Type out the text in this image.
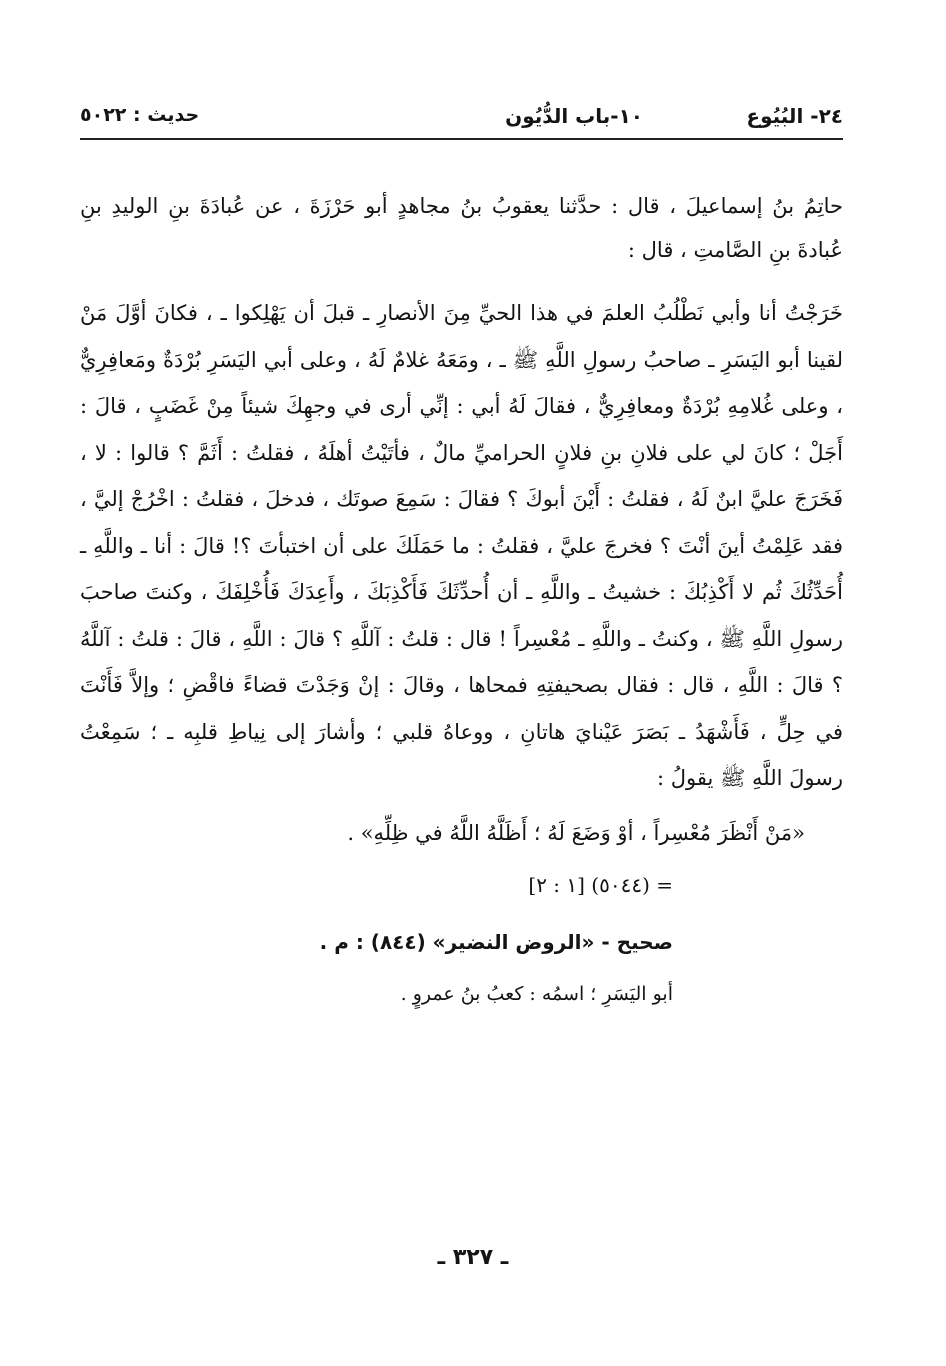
٢٤- البُيُوع
١٠-باب الدُّيُون
حديث : ٥٠٢٢

حاتِمُ بنُ إسماعيلَ ، قال : حدَّثنا يعقوبُ بنُ مجاهدٍ أبو حَرْزَةَ ، عن عُبادَةَ بنِ الوليدِ بنِ عُبادةَ بنِ الصَّامتِ ، قال :

خَرَجْتُ أنا وأبي نَطْلُبُ العلمَ في هذا الحيِّ مِنَ الأنصارِ ـ قبلَ أن يَهْلِكوا ـ ، فكانَ أوَّلَ مَنْ لقينا أبو اليَسَرِ ـ صاحبُ رسولِ اللَّهِ ﷺ ـ ، ومَعَهُ غلامٌ لَهُ ، وعلى أبي اليَسَرِ بُرْدَةٌ ومَعافِرِيٌّ ، وعلى غُلامِهِ بُرْدَةٌ ومعافِرِيٌّ ، فقالَ لَهُ أبي : إنِّي أرى في وجهِكَ شيئاً مِنْ غَضَبٍ ، قالَ : أَجَلْ ؛ كانَ لي على فلانِ بنِ فلانٍ الحراميِّ مالٌ ، فأتَيْتُ أهلَهُ ، فقلتُ : أَثَمَّ ؟ قالوا : لا ، فَخَرَجَ عليَّ ابنٌ لَهُ ، فقلتُ : أَيْنَ أبوكَ ؟ فقالَ : سَمِعَ صوتَك ، فدخلَ ، فقلتُ : اخْرُجْ إليَّ ، فقد عَلِمْتُ أينَ أنْتَ ؟ فخرجَ عليَّ ، فقلتُ : ما حَمَلَكَ على أن اختبأتَ ؟! قالَ : أنا ـ واللَّهِ ـ أُحَدِّثُكَ ثُم لا أَكْذِبُكَ : خشيتُ ـ واللَّهِ ـ أن أُحدِّثَكَ فَأَكْذِبَكَ ، وأَعِدَكَ فَأُخْلِفَكَ ، وكنتَ صاحبَ رسولِ اللَّهِ ﷺ ، وكنتُ ـ واللَّهِ ـ مُعْسِراً ! قال : قلتُ : آللَّهِ ؟ قالَ : اللَّهِ ، قالَ : قلتُ : آللَّهُ ؟ قالَ : اللَّهِ ، قال : فقال بصحيفتِهِ فمحاها ، وقالَ : إنْ وَجَدْتَ قضاءً فاقْضِ ؛ وإلاَّ فَأَنْتَ في حِلٍّ ، فَأَشْهَدُ ـ بَصَرَ عَيْنايَ هاتانِ ، ووعاهُ قلبي ؛ وأشارَ إلى نِياطِ قلبِه ـ ؛ سَمِعْتُ رسولَ اللَّهِ ﷺ يقولُ :

«مَنْ أَنْظَرَ مُعْسِراً ، أوْ وَضَعَ لَهُ ؛ أَظَلَّهُ اللَّهُ في ظِلِّهِ» .

= (٥٠٤٤) [١ : ٢]

صحيح - «الروض النضير» (٨٤٤) : م .

أبو اليَسَرِ ؛ اسمُه : كعبُ بنُ عمروٍ .

ـ ٣٢٧ ـ
